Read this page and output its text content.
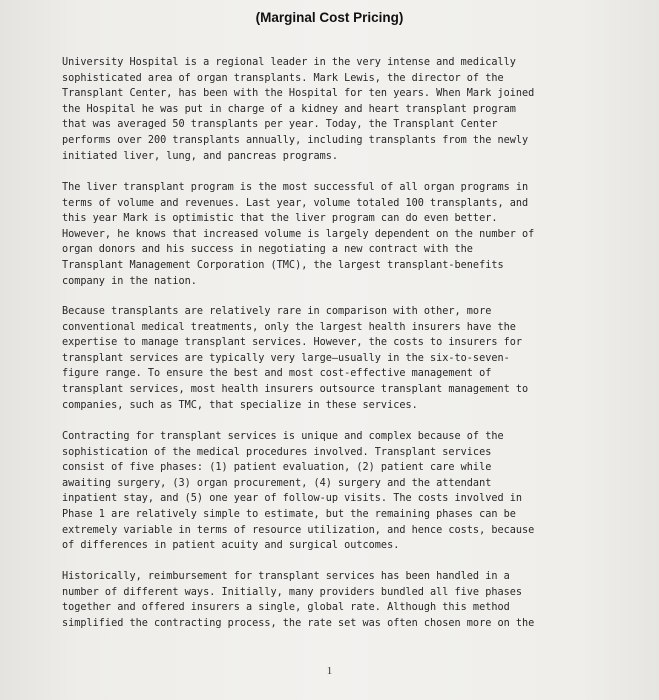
(Marginal Cost Pricing)
University Hospital is a regional leader in the very intense and medically
sophisticated area of organ transplants. Mark Lewis, the director of the
Transplant Center, has been with the Hospital for ten years. When Mark joined
the Hospital he was put in charge of a kidney and heart transplant program
that was averaged 50 transplants per year. Today, the Transplant Center
performs over 200 transplants annually, including transplants from the newly
initiated liver, lung, and pancreas programs.
The liver transplant program is the most successful of all organ programs in
terms of volume and revenues. Last year, volume totaled 100 transplants, and
this year Mark is optimistic that the liver program can do even better.
However, he knows that increased volume is largely dependent on the number of
organ donors and his success in negotiating a new contract with the
Transplant Management Corporation (TMC), the largest transplant-benefits
company in the nation.
Because transplants are relatively rare in comparison with other, more
conventional medical treatments, only the largest health insurers have the
expertise to manage transplant services. However, the costs to insurers for
transplant services are typically very large—usually in the six-to-seven-
figure range. To ensure the best and most cost-effective management of
transplant services, most health insurers outsource transplant management to
companies, such as TMC, that specialize in these services.
Contracting for transplant services is unique and complex because of the
sophistication of the medical procedures involved. Transplant services
consist of five phases: (1) patient evaluation, (2) patient care while
awaiting surgery, (3) organ procurement, (4) surgery and the attendant
inpatient stay, and (5) one year of follow-up visits. The costs involved in
Phase 1 are relatively simple to estimate, but the remaining phases can be
extremely variable in terms of resource utilization, and hence costs, because
of differences in patient acuity and surgical outcomes.
Historically, reimbursement for transplant services has been handled in a
number of different ways. Initially, many providers bundled all five phases
together and offered insurers a single, global rate. Although this method
simplified the contracting process, the rate set was often chosen more on the
1
